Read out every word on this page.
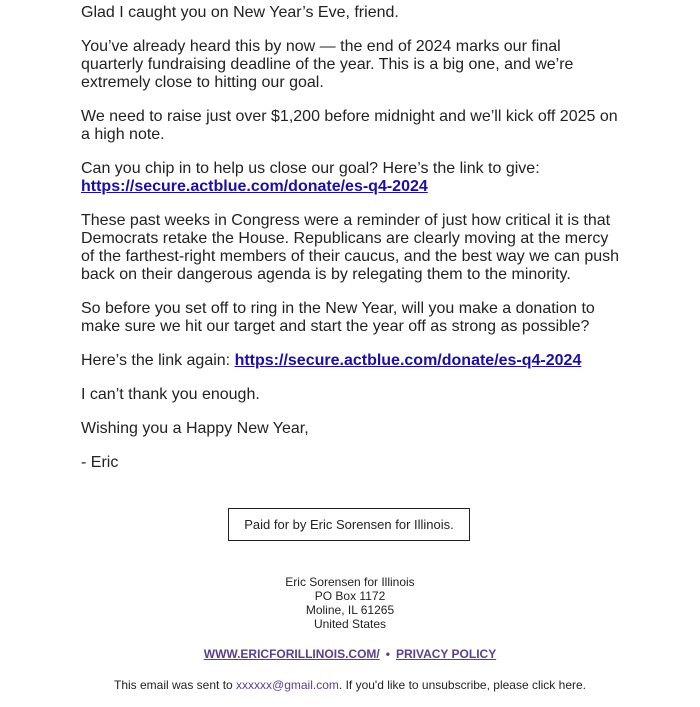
Glad I caught you on New Year’s Eve, friend.

You’ve already heard this by now — the end of 2024 marks our final quarterly fundraising deadline of the year. This is a big one, and we’re extremely close to hitting our goal.

We need to raise just over $1,200 before midnight and we’ll kick off 2025 on a high note.

Can you chip in to help us close our goal? Here’s the link to give:
https://secure.actblue.com/donate/es-q4-2024

These past weeks in Congress were a reminder of just how critical it is that Democrats retake the House. Republicans are clearly moving at the mercy of the farthest-right members of their caucus, and the best way we can push back on their dangerous agenda is by relegating them to the minority.

So before you set off to ring in the New Year, will you make a donation to make sure we hit our target and start the year off as strong as possible?

Here’s the link again: https://secure.actblue.com/donate/es-q4-2024

I can’t thank you enough.

Wishing you a Happy New Year,

- Eric

Paid for by Eric Sorensen for Illinois.
Eric Sorensen for Illinois
PO Box 1172
Moline, IL 61265
United States
WWW.ERICFORILLINOIS.COM/ • PRIVACY POLICY
This email was sent to xxxxxx@gmail.com. If you'd like to unsubscribe, please click here.
